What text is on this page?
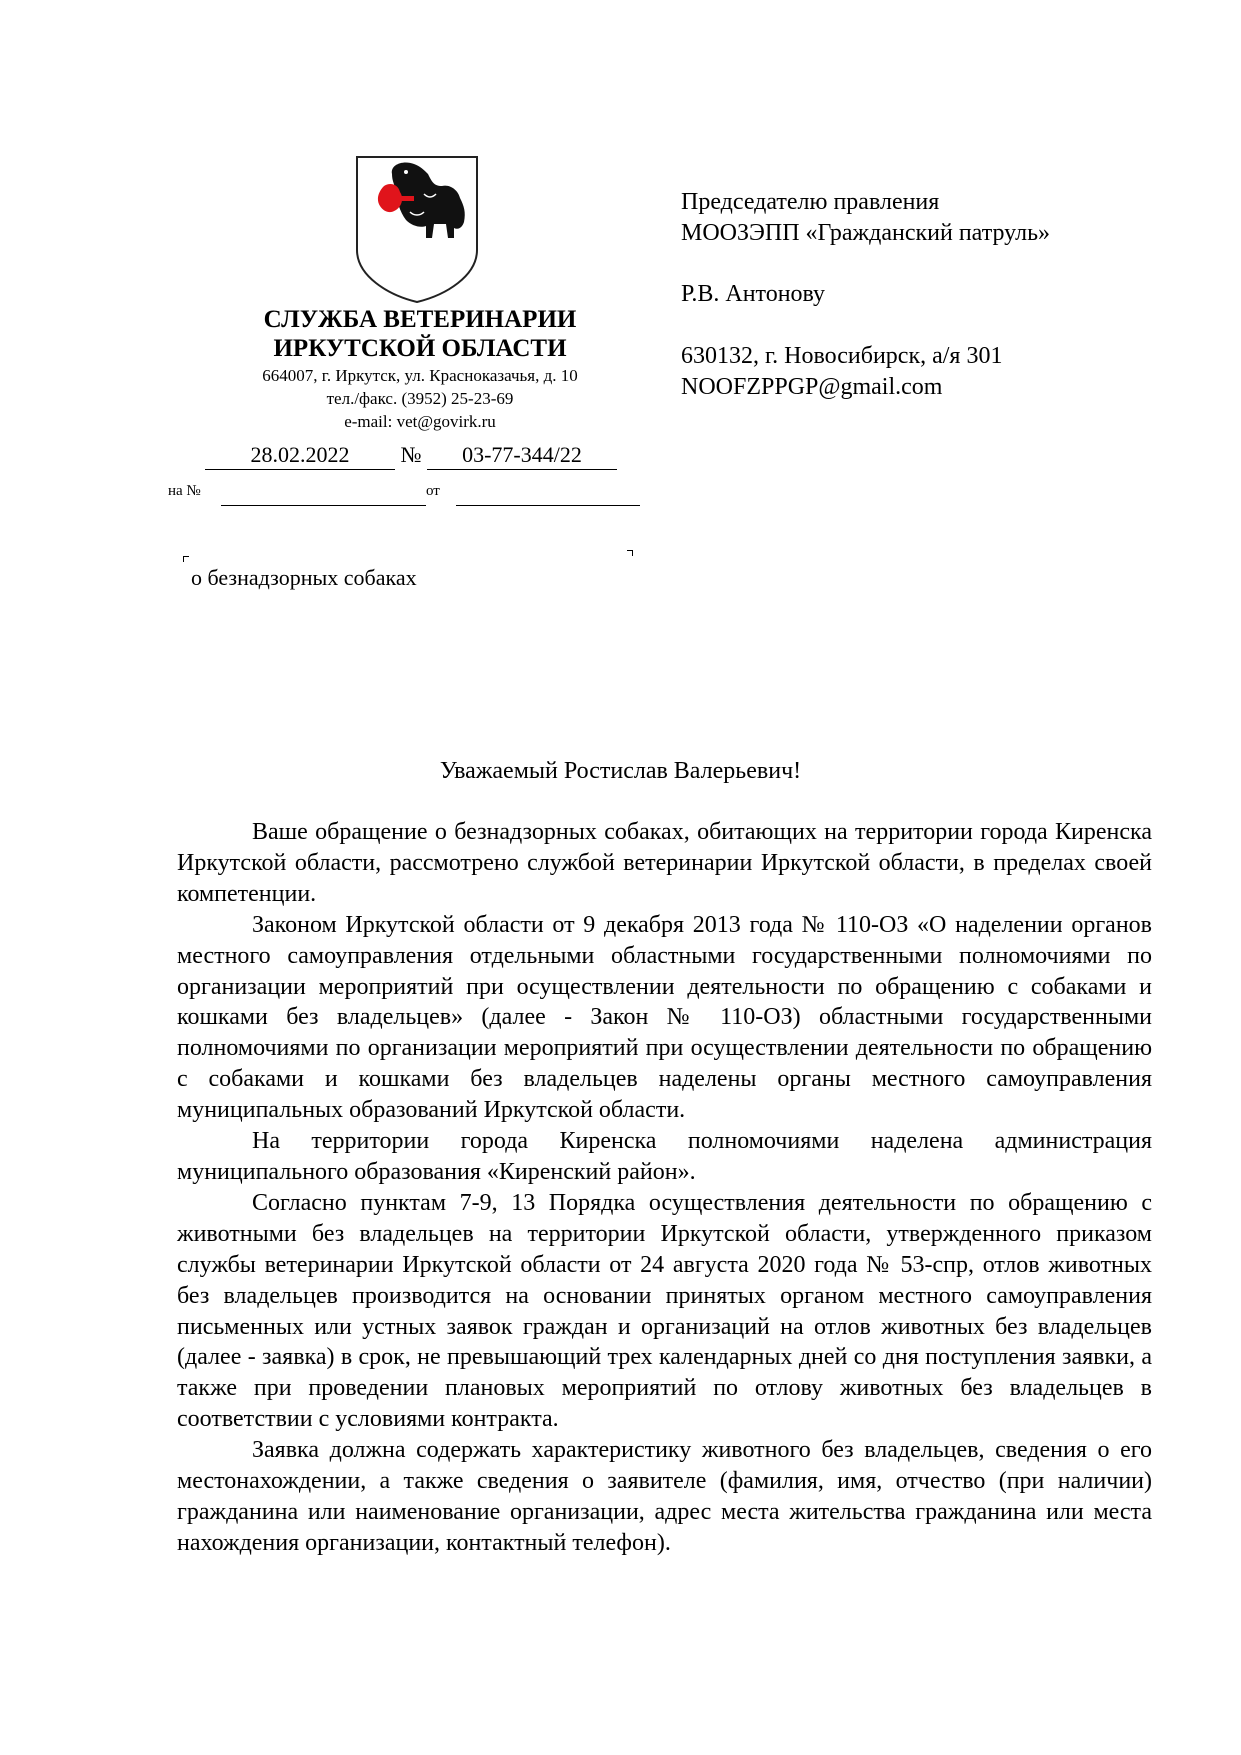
СЛУЖБА ВЕТЕРИНАРИИ
ИРКУТСКОЙ ОБЛАСТИ
664007, г. Иркутск, ул. Красноказачья, д. 10
тел./факс. (3952) 25-23-69
e-mail: vet@govirk.ru
28.02.2022	№	03-77-344/22
на №	от
о безнадзорных собаках
Председателю правления
МООЗЭПП «Гражданский патруль»
Р.В. Антонову
630132, г. Новосибирск, а/я 301
NOOFZPPGP@gmail.com
Уважаемый Ростислав Валерьевич!

Ваше обращение о безнадзорных собаках, обитающих на территории города Киренска Иркутской области, рассмотрено службой ветеринарии Иркутской области, в пределах своей компетенции.

Законом Иркутской области от 9 декабря 2013 года № 110-ОЗ «О наделении органов местного самоуправления отдельными областными государственными полномочиями по организации мероприятий при осуществлении деятельности по обращению с собаками и кошками без владельцев» (далее - Закон № 110-ОЗ) областными государственными полномочиями по организации мероприятий при осуществлении деятельности по обращению с собаками и кошками без владельцев наделены органы местного самоуправления муниципальных образований Иркутской области.

На территории города Киренска полномочиями наделена администрация муниципального образования «Киренский район».

Согласно пунктам 7-9, 13 Порядка осуществления деятельности по обращению с животными без владельцев на территории Иркутской области, утвержденного приказом службы ветеринарии Иркутской области от 24 августа 2020 года № 53-спр, отлов животных без владельцев производится на основании принятых органом местного самоуправления письменных или устных заявок граждан и организаций на отлов животных без владельцев (далее - заявка) в срок, не превышающий трех календарных дней со дня поступления заявки, а также при проведении плановых мероприятий по отлову животных без владельцев в соответствии с условиями контракта.

Заявка должна содержать характеристику животного без владельцев, сведения о его местонахождении, а также сведения о заявителе (фамилия, имя, отчество (при наличии) гражданина или наименование организации, адрес места жительства гражданина или места нахождения организации, контактный телефон).
